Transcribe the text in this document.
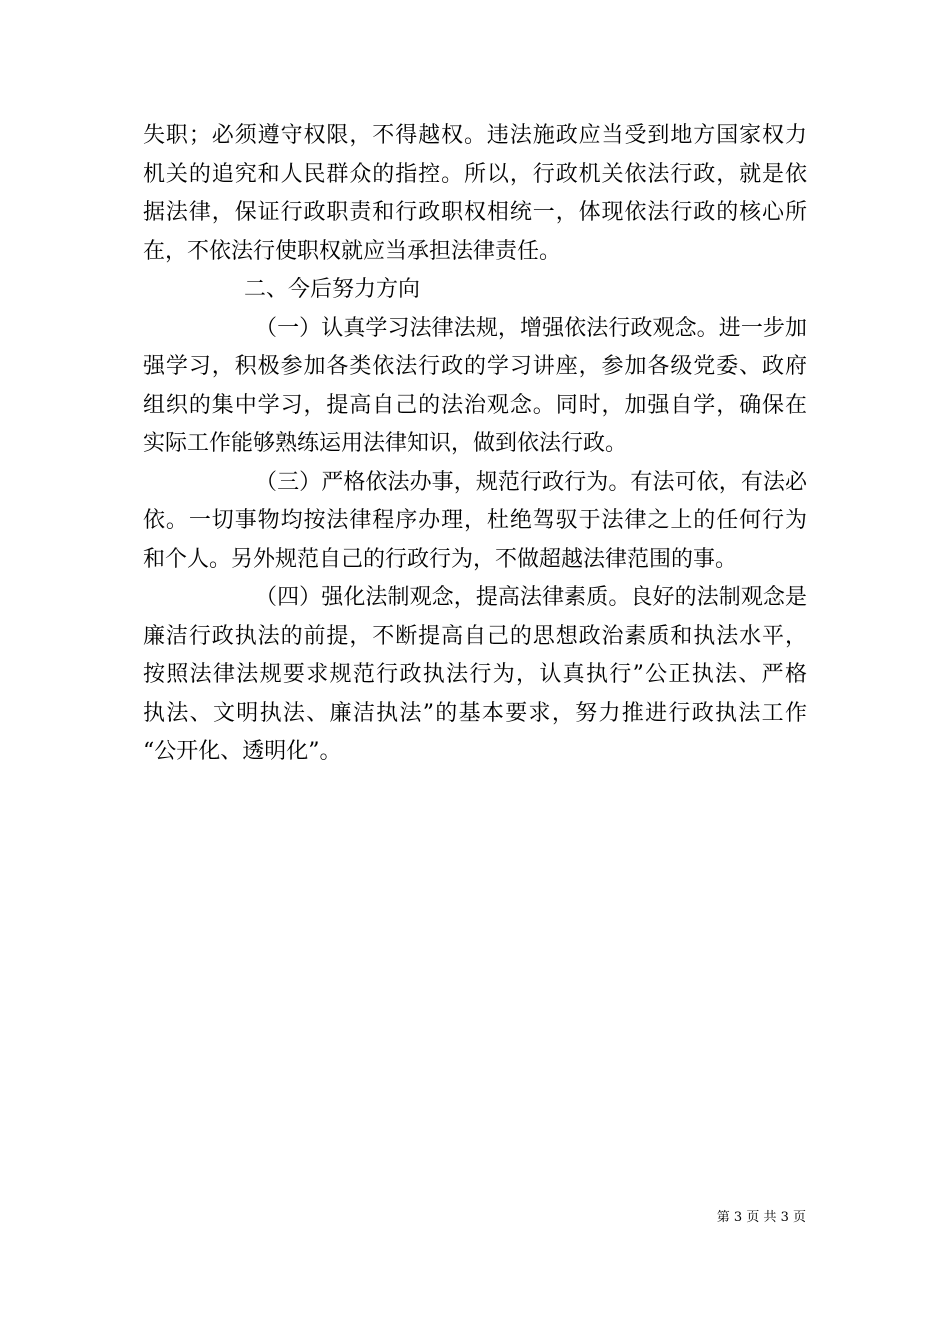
失职；必须遵守权限，不得越权。违法施政应当受到地方国家权力
机关的追究和人民群众的指控。所以，行政机关依法行政，就是依
据法律，保证行政职责和行政职权相统一，体现依法行政的核心所
在，不依法行使职权就应当承担法律责任。
二、今后努力方向
（一）认真学习法律法规，增强依法行政观念。进一步加
强学习，积极参加各类依法行政的学习讲座，参加各级党委、政府
组织的集中学习，提高自己的法治观念。同时，加强自学，确保在
实际工作能够熟练运用法律知识，做到依法行政。
（三）严格依法办事，规范行政行为。有法可依，有法必
依。一切事物均按法律程序办理，杜绝驾驭于法律之上的任何行为
和个人。另外规范自己的行政行为，不做超越法律范围的事。
（四）强化法制观念，提高法律素质。良好的法制观念是
廉洁行政执法的前提，不断提高自己的思想政治素质和执法水平，
按照法律法规要求规范行政执法行为，认真执行”公正执法、严格
执法、文明执法、廉洁执法”的基本要求，努力推进行政执法工作
“公开化、透明化”。
第 3 页 共 3 页
